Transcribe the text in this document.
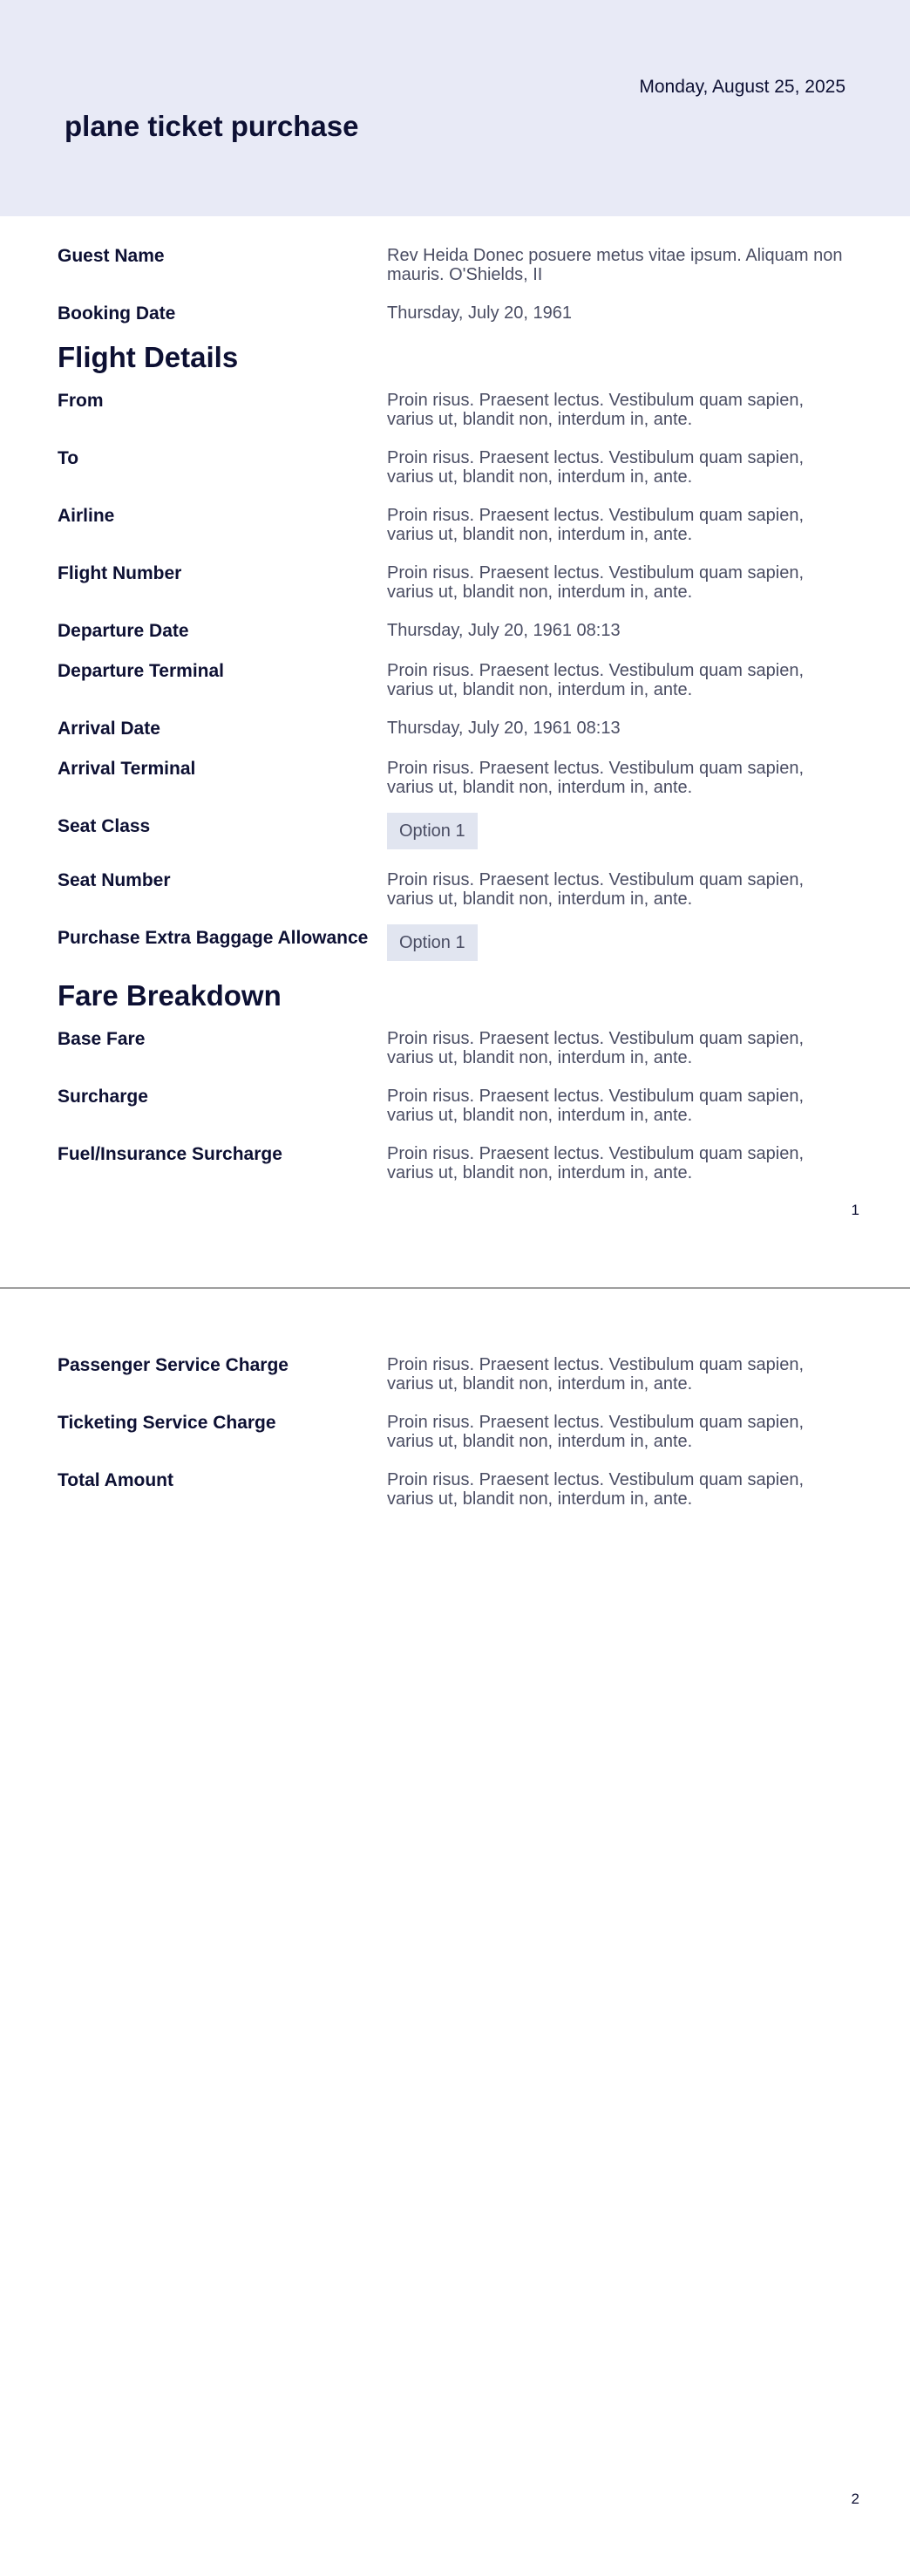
Monday, August 25, 2025
plane ticket purchase
Guest Name	Rev Heida Donec posuere metus vitae ipsum. Aliquam non mauris. O'Shields, II
Booking Date	Thursday, July 20, 1961
Flight Details
From	Proin risus. Praesent lectus. Vestibulum quam sapien, varius ut, blandit non, interdum in, ante.
To	Proin risus. Praesent lectus. Vestibulum quam sapien, varius ut, blandit non, interdum in, ante.
Airline	Proin risus. Praesent lectus. Vestibulum quam sapien, varius ut, blandit non, interdum in, ante.
Flight Number	Proin risus. Praesent lectus. Vestibulum quam sapien, varius ut, blandit non, interdum in, ante.
Departure Date	Thursday, July 20, 1961 08:13
Departure Terminal	Proin risus. Praesent lectus. Vestibulum quam sapien, varius ut, blandit non, interdum in, ante.
Arrival Date	Thursday, July 20, 1961 08:13
Arrival Terminal	Proin risus. Praesent lectus. Vestibulum quam sapien, varius ut, blandit non, interdum in, ante.
Seat Class	Option 1
Seat Number	Proin risus. Praesent lectus. Vestibulum quam sapien, varius ut, blandit non, interdum in, ante.
Purchase Extra Baggage Allowance	Option 1
Fare Breakdown
Base Fare	Proin risus. Praesent lectus. Vestibulum quam sapien, varius ut, blandit non, interdum in, ante.
Surcharge	Proin risus. Praesent lectus. Vestibulum quam sapien, varius ut, blandit non, interdum in, ante.
Fuel/Insurance Surcharge	Proin risus. Praesent lectus. Vestibulum quam sapien, varius ut, blandit non, interdum in, ante.
1
Passenger Service Charge	Proin risus. Praesent lectus. Vestibulum quam sapien, varius ut, blandit non, interdum in, ante.
Ticketing Service Charge	Proin risus. Praesent lectus. Vestibulum quam sapien, varius ut, blandit non, interdum in, ante.
Total Amount	Proin risus. Praesent lectus. Vestibulum quam sapien, varius ut, blandit non, interdum in, ante.
2
